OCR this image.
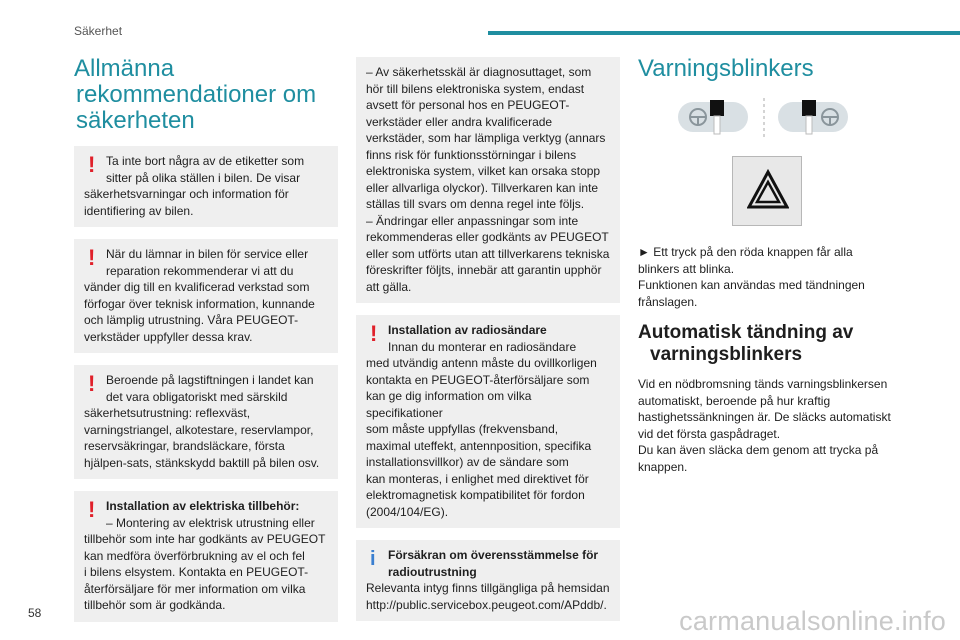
Säkerhet
Allmänna
rekommendationer om
säkerheten
! Ta inte bort några av de etiketter som
sitter på olika ställen i bilen. De visar
säkerhetsvarningar och information för
identifiering av bilen.
! När du lämnar in bilen för service eller
reparation rekommenderar vi att du
vänder dig till en kvalificerad verkstad som
förfogar över teknisk information, kunnande
och lämplig utrustning. Våra PEUGEOT-
verkstäder uppfyller dessa krav.
! Beroende på lagstiftningen i landet kan
det vara obligatoriskt med särskild
säkerhetsutrustning: reflexväst,
varningstriangel, alkotestare, reservlampor,
reservsäkringar, brandsläckare, första
hjälpen-sats, stänkskydd baktill på bilen osv.
! Installation av elektriska tillbehör:
– Montering av elektrisk utrustning eller
tillbehör som inte har godkänts av PEUGEOT
kan medföra överförbrukning av el och fel
i bilens elsystem. Kontakta en PEUGEOT-
återförsäljare för mer information om vilka
tillbehör som är godkända.
– Av säkerhetsskäl är diagnosuttaget, som
hör till bilens elektroniska system, endast
avsett för personal hos en PEUGEOT-
verkstäder eller andra kvalificerade
verkstäder, som har lämpliga verktyg (annars
finns risk för funktionsstörningar i bilens
elektroniska system, vilket kan orsaka stopp
eller allvarliga olyckor). Tillverkaren kan inte
ställas till svars om denna regel inte följs.
– Ändringar eller anpassningar som inte
rekommenderas eller godkänts av PEUGEOT
eller som utförts utan att tillverkarens tekniska
föreskrifter följts, innebär att garantin upphör
att gälla.
! Installation av radiosändare
Innan du monterar en radiosändare
med utvändig antenn måste du ovillkorligen
kontakta en PEUGEOT-återförsäljare som
kan ge dig information om vilka specifikationer
som måste uppfyllas (frekvensband,
maximal uteffekt, antennposition, specifika
installationsvillkor) av de sändare som
kan monteras, i enlighet med direktivet för
elektromagnetisk kompatibilitet för fordon
(2004/104/EG).
i	Försäkran om överensstämmelse för
radioutrustning
Relevanta intyg finns tillgängliga på hemsidan
http://public.servicebox.peugeot.com/APddb/.
Varningsblinkers
► Ett tryck på den röda knappen får alla
blinkers att blinka.
Funktionen kan användas med tändningen
frånslagen.
Automatisk tändning av
varningsblinkers
Vid en nödbromsning tänds varningsblinkersen
automatiskt, beroende på hur kraftig
hastighetssänkningen är. De släcks automatiskt
vid det första gaspådraget.
Du kan även släcka dem genom att trycka på
knappen.
58	carmanualsonline.info
